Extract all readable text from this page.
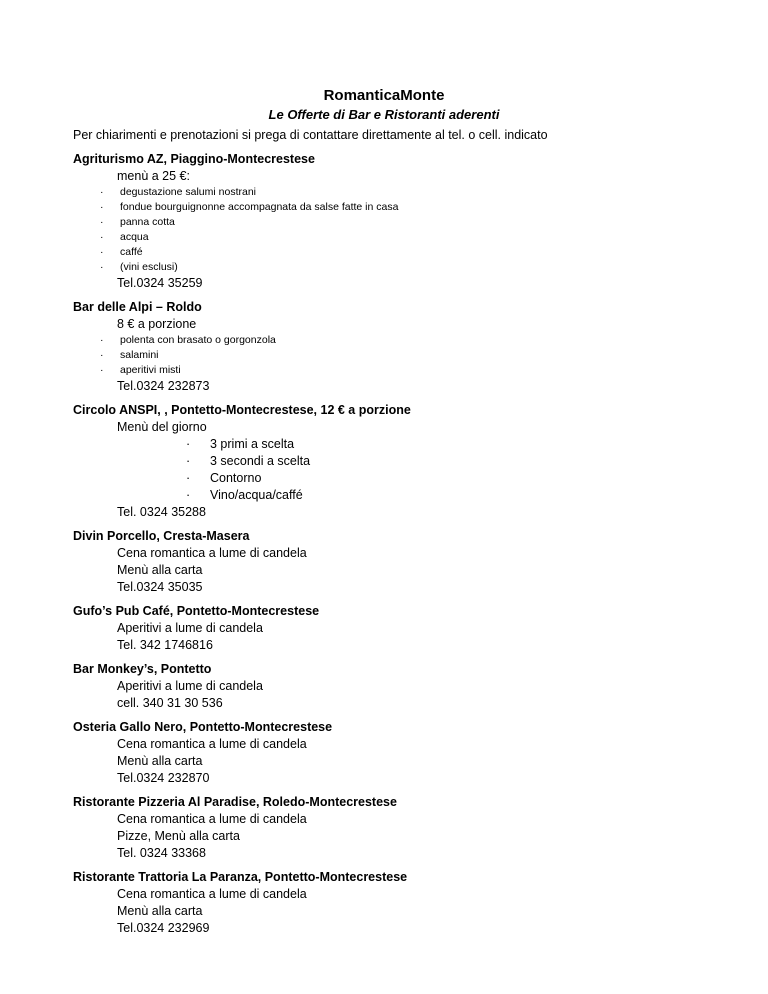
RomanticaMonte
Le Offerte di Bar e Ristoranti aderenti
Per chiarimenti e prenotazioni si prega di contattare direttamente al tel. o cell. indicato
Agriturismo AZ, Piaggino-Montecrestese
menù a 25 €:
· degustazione salumi nostrani
· fondue bourguignonne accompagnata da salse fatte in casa
· panna cotta
· acqua
· caffé
· (vini esclusi)
Tel.0324 35259
Bar delle Alpi – Roldo
8 € a porzione
· polenta con brasato o gorgonzola
· salamini
· aperitivi misti
Tel.0324 232873
Circolo ANSPI, , Pontetto-Montecrestese, 12 € a porzione
Menù del giorno
· 3 primi a scelta
· 3 secondi a scelta
· Contorno
· Vino/acqua/caffé
Tel. 0324 35288
Divin Porcello, Cresta-Masera
Cena romantica a lume di candela
Menù alla carta
Tel.0324 35035
Gufo’s Pub Café, Pontetto-Montecrestese
Aperitivi a lume di candela
Tel. 342 1746816
Bar Monkey’s, Pontetto
Aperitivi a lume di candela
cell. 340 31 30 536
Osteria Gallo Nero, Pontetto-Montecrestese
Cena romantica a lume di candela
Menù alla carta
Tel.0324 232870
Ristorante Pizzeria Al Paradise, Roledo-Montecrestese
Cena romantica a lume di candela
Pizze, Menù alla carta
Tel. 0324 33368
Ristorante Trattoria La Paranza, Pontetto-Montecrestese
Cena romantica a lume di candela
Menù alla carta
Tel.0324 232969
